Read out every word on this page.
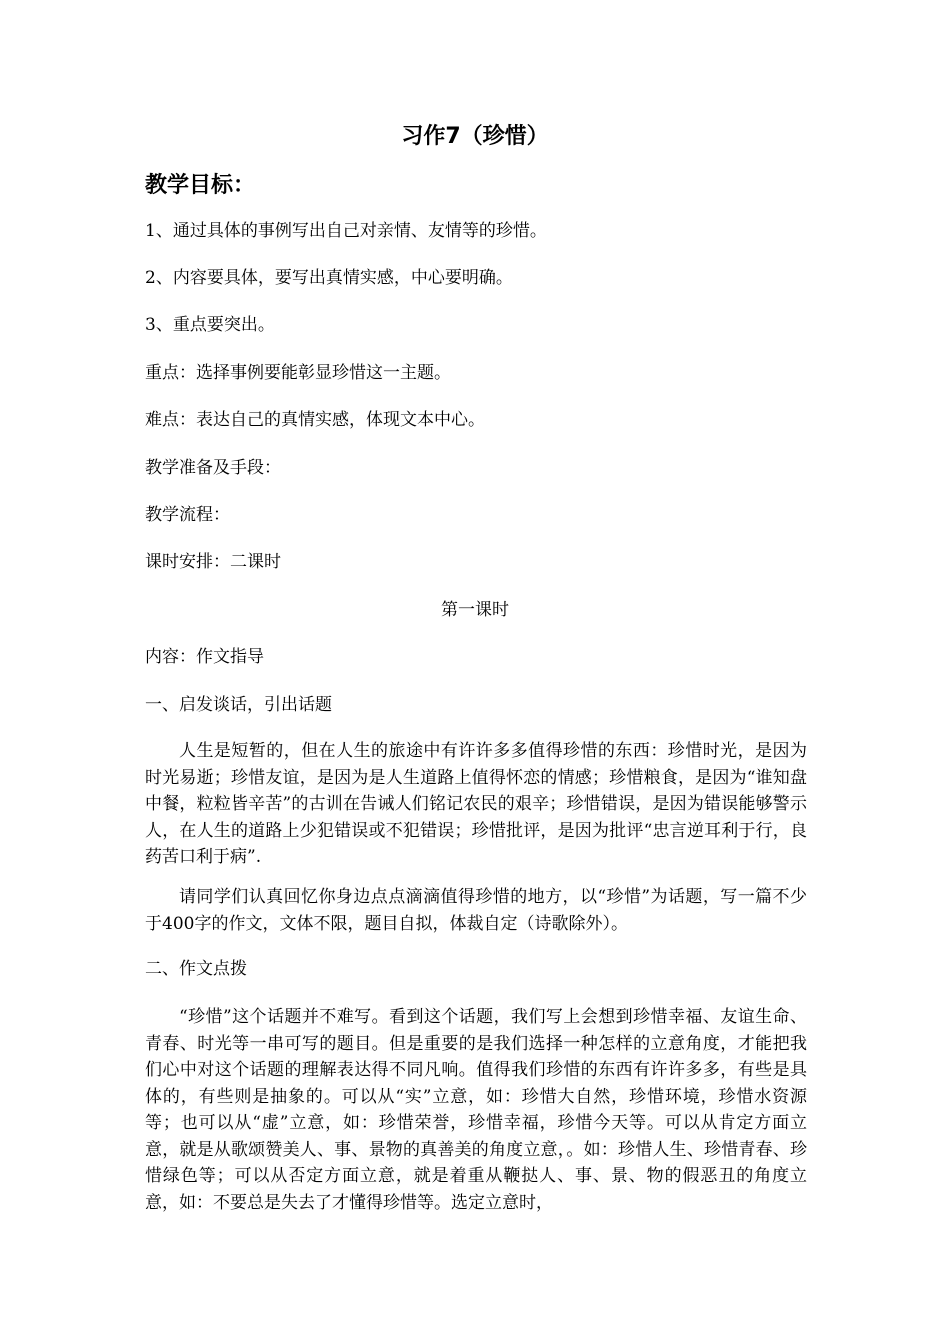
习作7（珍惜）
教学目标：
1、通过具体的事例写出自己对亲情、友情等的珍惜。
2、内容要具体，要写出真情实感，中心要明确。
3、重点要突出。
重点：选择事例要能彰显珍惜这一主题。
难点：表达自己的真情实感，体现文本中心。
教学准备及手段：
教学流程：
课时安排：二课时
第一课时
内容：作文指导
一、启发谈话，引出话题
人生是短暂的，但在人生的旅途中有许许多多值得珍惜的东西：珍惜时光，是因为时光易逝；珍惜友谊，是因为是人生道路上值得怀恋的情感；珍惜粮食，是因为“谁知盘中餐，粒粒皆辛苦”的古训在告诫人们铭记农民的艰辛；珍惜错误，是因为错误能够警示人，在人生的道路上少犯错误或不犯错误；珍惜批评，是因为批评“忠言逆耳利于行，良药苦口利于病”.
请同学们认真回忆你身边点点滴滴值得珍惜的地方，以“珍惜”为话题，写一篇不少于400字的作文，文体不限，题目自拟，体裁自定（诗歌除外）。
二、作文点拨
“珍惜”这个话题并不难写。看到这个话题，我们写上会想到珍惜幸福、友谊生命、青春、时光等一串可写的题目。但是重要的是我们选择一种怎样的立意角度，才能把我们心中对这个话题的理解表达得不同凡响。值得我们珍惜的东西有许许多多，有些是具体的，有些则是抽象的。可以从“实”立意，如：珍惜大自然，珍惜环境，珍惜水资源等；也可以从“虚”立意，如：珍惜荣誉，珍惜幸福，珍惜今天等。可以从肯定方面立意，就是从歌颂赞美人、事、景物的真善美的角度立意，。如：珍惜人生、珍惜青春、珍惜绿色等；可以从否定方面立意，就是着重从鞭挞人、事、景、物的假恶丑的角度立意，如：不要总是失去了才懂得珍惜等。选定立意时，
